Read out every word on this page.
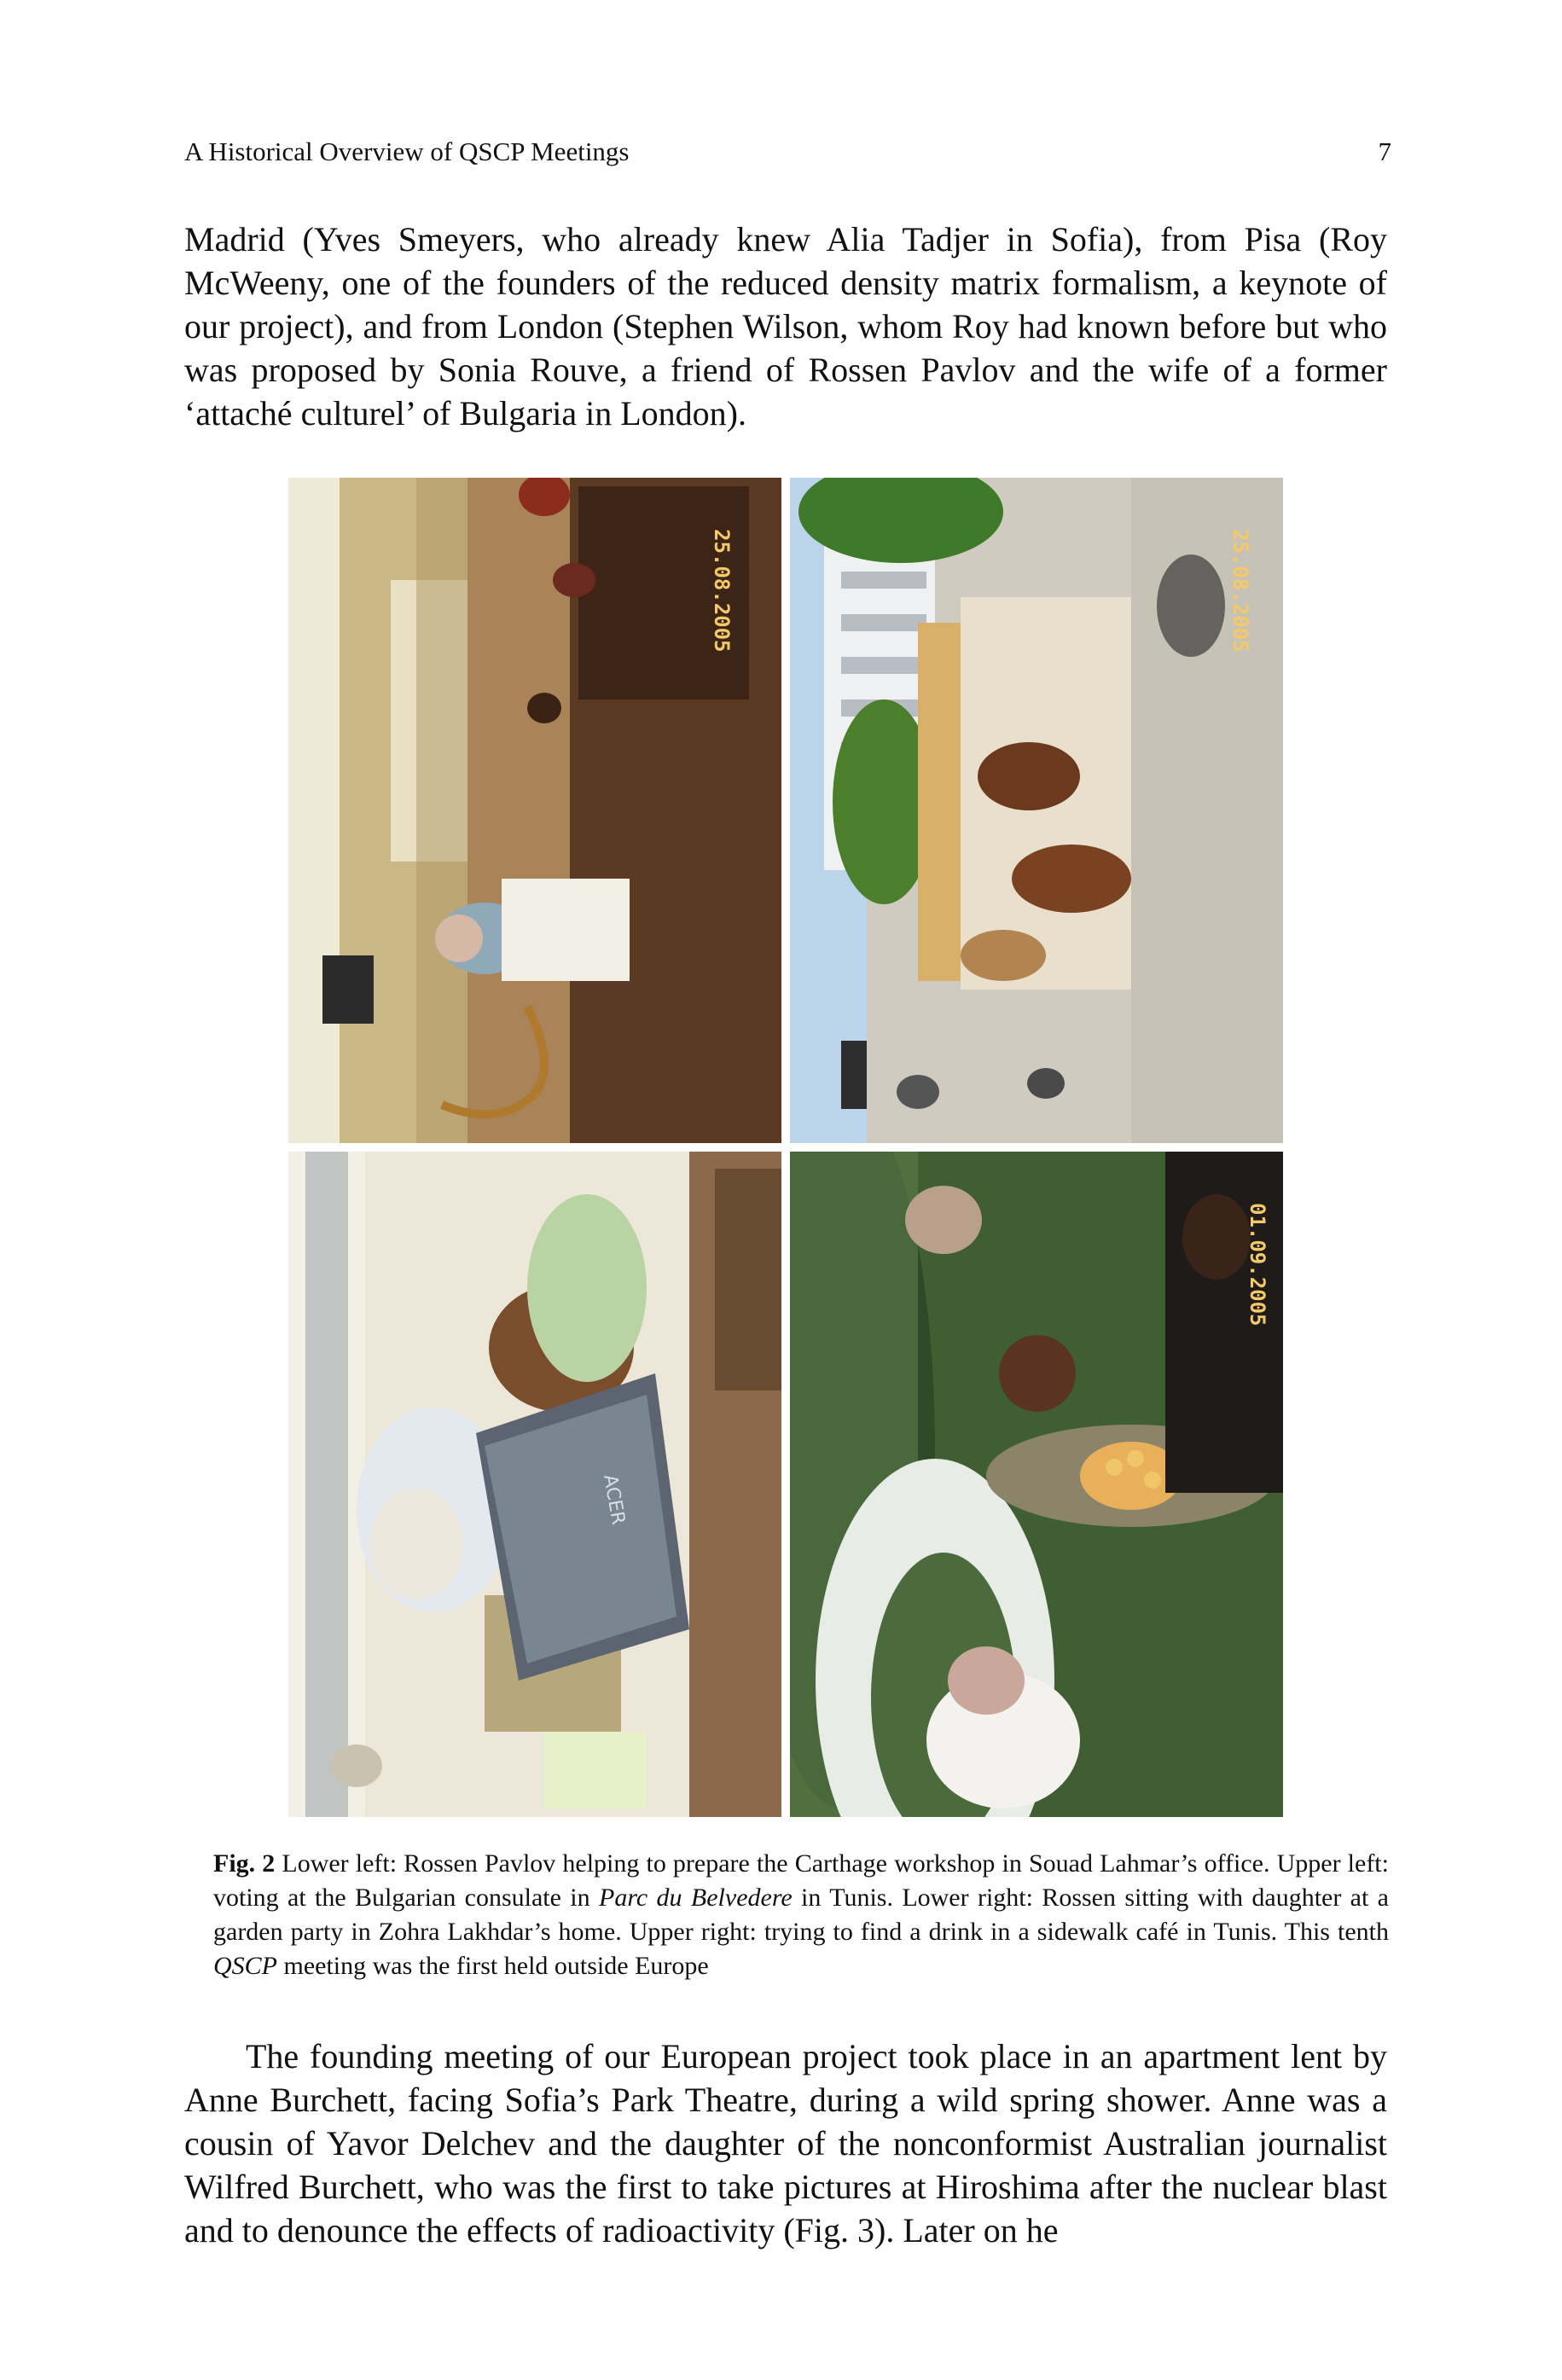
A Historical Overview of QSCP Meetings	7

Madrid (Yves Smeyers, who already knew Alia Tadjer in Sofia), from Pisa (Roy McWeeny, one of the founders of the reduced density matrix formalism, a keynote of our project), and from London (Stephen Wilson, whom Roy had known before but who was proposed by Sonia Rouve, a friend of Rossen Pavlov and the wife of a former ‘attaché culturel’ of Bulgaria in London).

25.08.2005	25.08.2005
ACER
01.09.2005

Fig. 2 Lower left: Rossen Pavlov helping to prepare the Carthage workshop in Souad Lahmar’s office. Upper left: voting at the Bulgarian consulate in Parc du Belvedere in Tunis. Lower right: Rossen sitting with daughter at a garden party in Zohra Lakhdar’s home. Upper right: trying to find a drink in a sidewalk café in Tunis. This tenth QSCP meeting was the first held outside Europe

The founding meeting of our European project took place in an apartment lent by Anne Burchett, facing Sofia’s Park Theatre, during a wild spring shower. Anne was a cousin of Yavor Delchev and the daughter of the nonconformist Australian journalist Wilfred Burchett, who was the first to take pictures at Hiroshima after the nuclear blast and to denounce the effects of radioactivity (Fig. 3). Later on he
